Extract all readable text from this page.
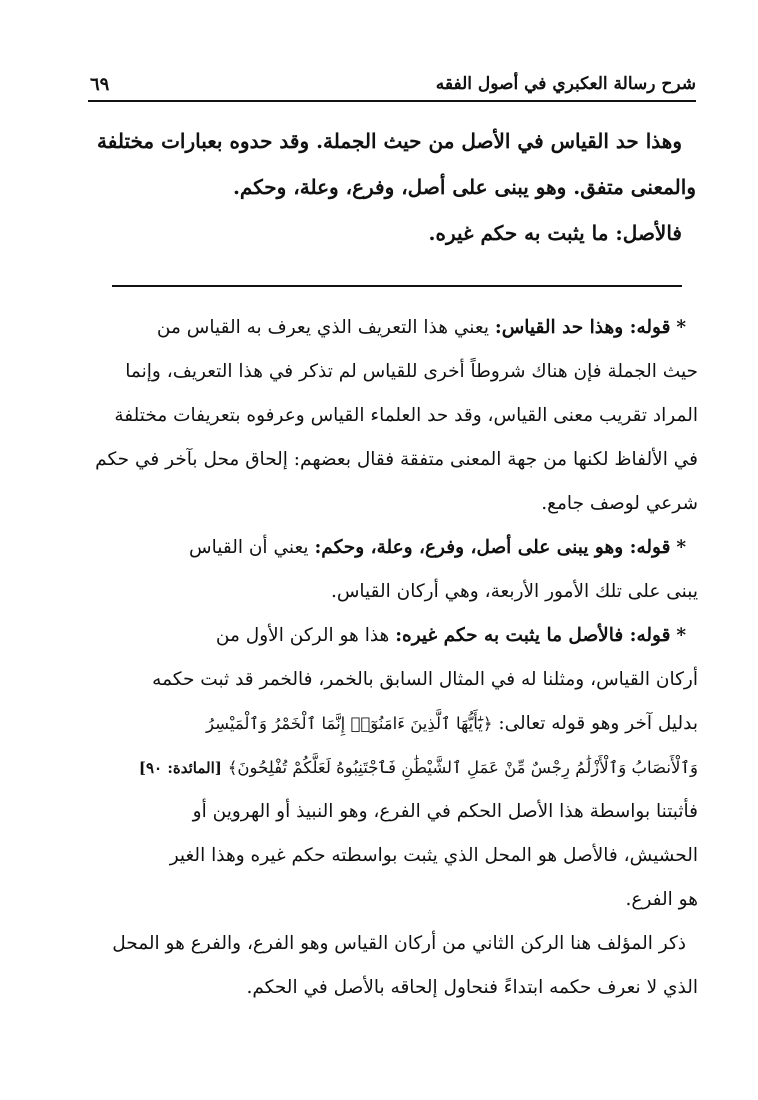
شرح رسالة العكبري في أصول الفقه
٦٩
وهذا حد القياس في الأصل من حيث الجملة. وقد حدوه بعبارات مختلفة
والمعنى متفق. وهو يبنى على أصل، وفرع، وعلة، وحكم.
فالأصل: ما يثبت به حكم غيره.
* قوله: وهذا حد القياس: يعني هذا التعريف الذي يعرف به القياس من
حيث الجملة فإن هناك شروطاً أخرى للقياس لم تذكر في هذا التعريف، وإنما
المراد تقريب معنى القياس، وقد حد العلماء القياس وعرفوه بتعريفات مختلفة
في الألفاظ لكنها من جهة المعنى متفقة فقال بعضهم: إلحاق محل بآخر في حكم
شرعي لوصف جامع.
* قوله: وهو يبنى على أصل، وفرع، وعلة، وحكم: يعني أن القياس
يبنى على تلك الأمور الأربعة، وهي أركان القياس.
* قوله: فالأصل ما يثبت به حكم غيره: هذا هو الركن الأول من
أركان القياس، ومثلنا له في المثال السابق بالخمر، فالخمر قد ثبت حكمه
بدليل آخر وهو قوله تعالى: ﴿يَٰٓأَيُّهَا ٱلَّذِينَ ءَامَنُوٓا۟ إِنَّمَا ٱلْخَمْرُ وَٱلْمَيْسِرُ
وَٱلْأَنصَابُ وَٱلْأَزْلَٰمُ رِجْسٌ مِّنْ عَمَلِ ٱلشَّيْطَٰنِ فَٱجْتَنِبُوهُ لَعَلَّكُمْ تُفْلِحُونَ﴾ [المائدة: ٩٠]
فأثبتنا بواسطة هذا الأصل الحكم في الفرع، وهو النبيذ أو الهروين أو
الحشيش، فالأصل هو المحل الذي يثبت بواسطته حكم غيره وهذا الغير
هو الفرع.
ذكر المؤلف هنا الركن الثاني من أركان القياس وهو الفرع، والفرع هو المحل
الذي لا نعرف حكمه ابتداءً فنحاول إلحاقه بالأصل في الحكم.
